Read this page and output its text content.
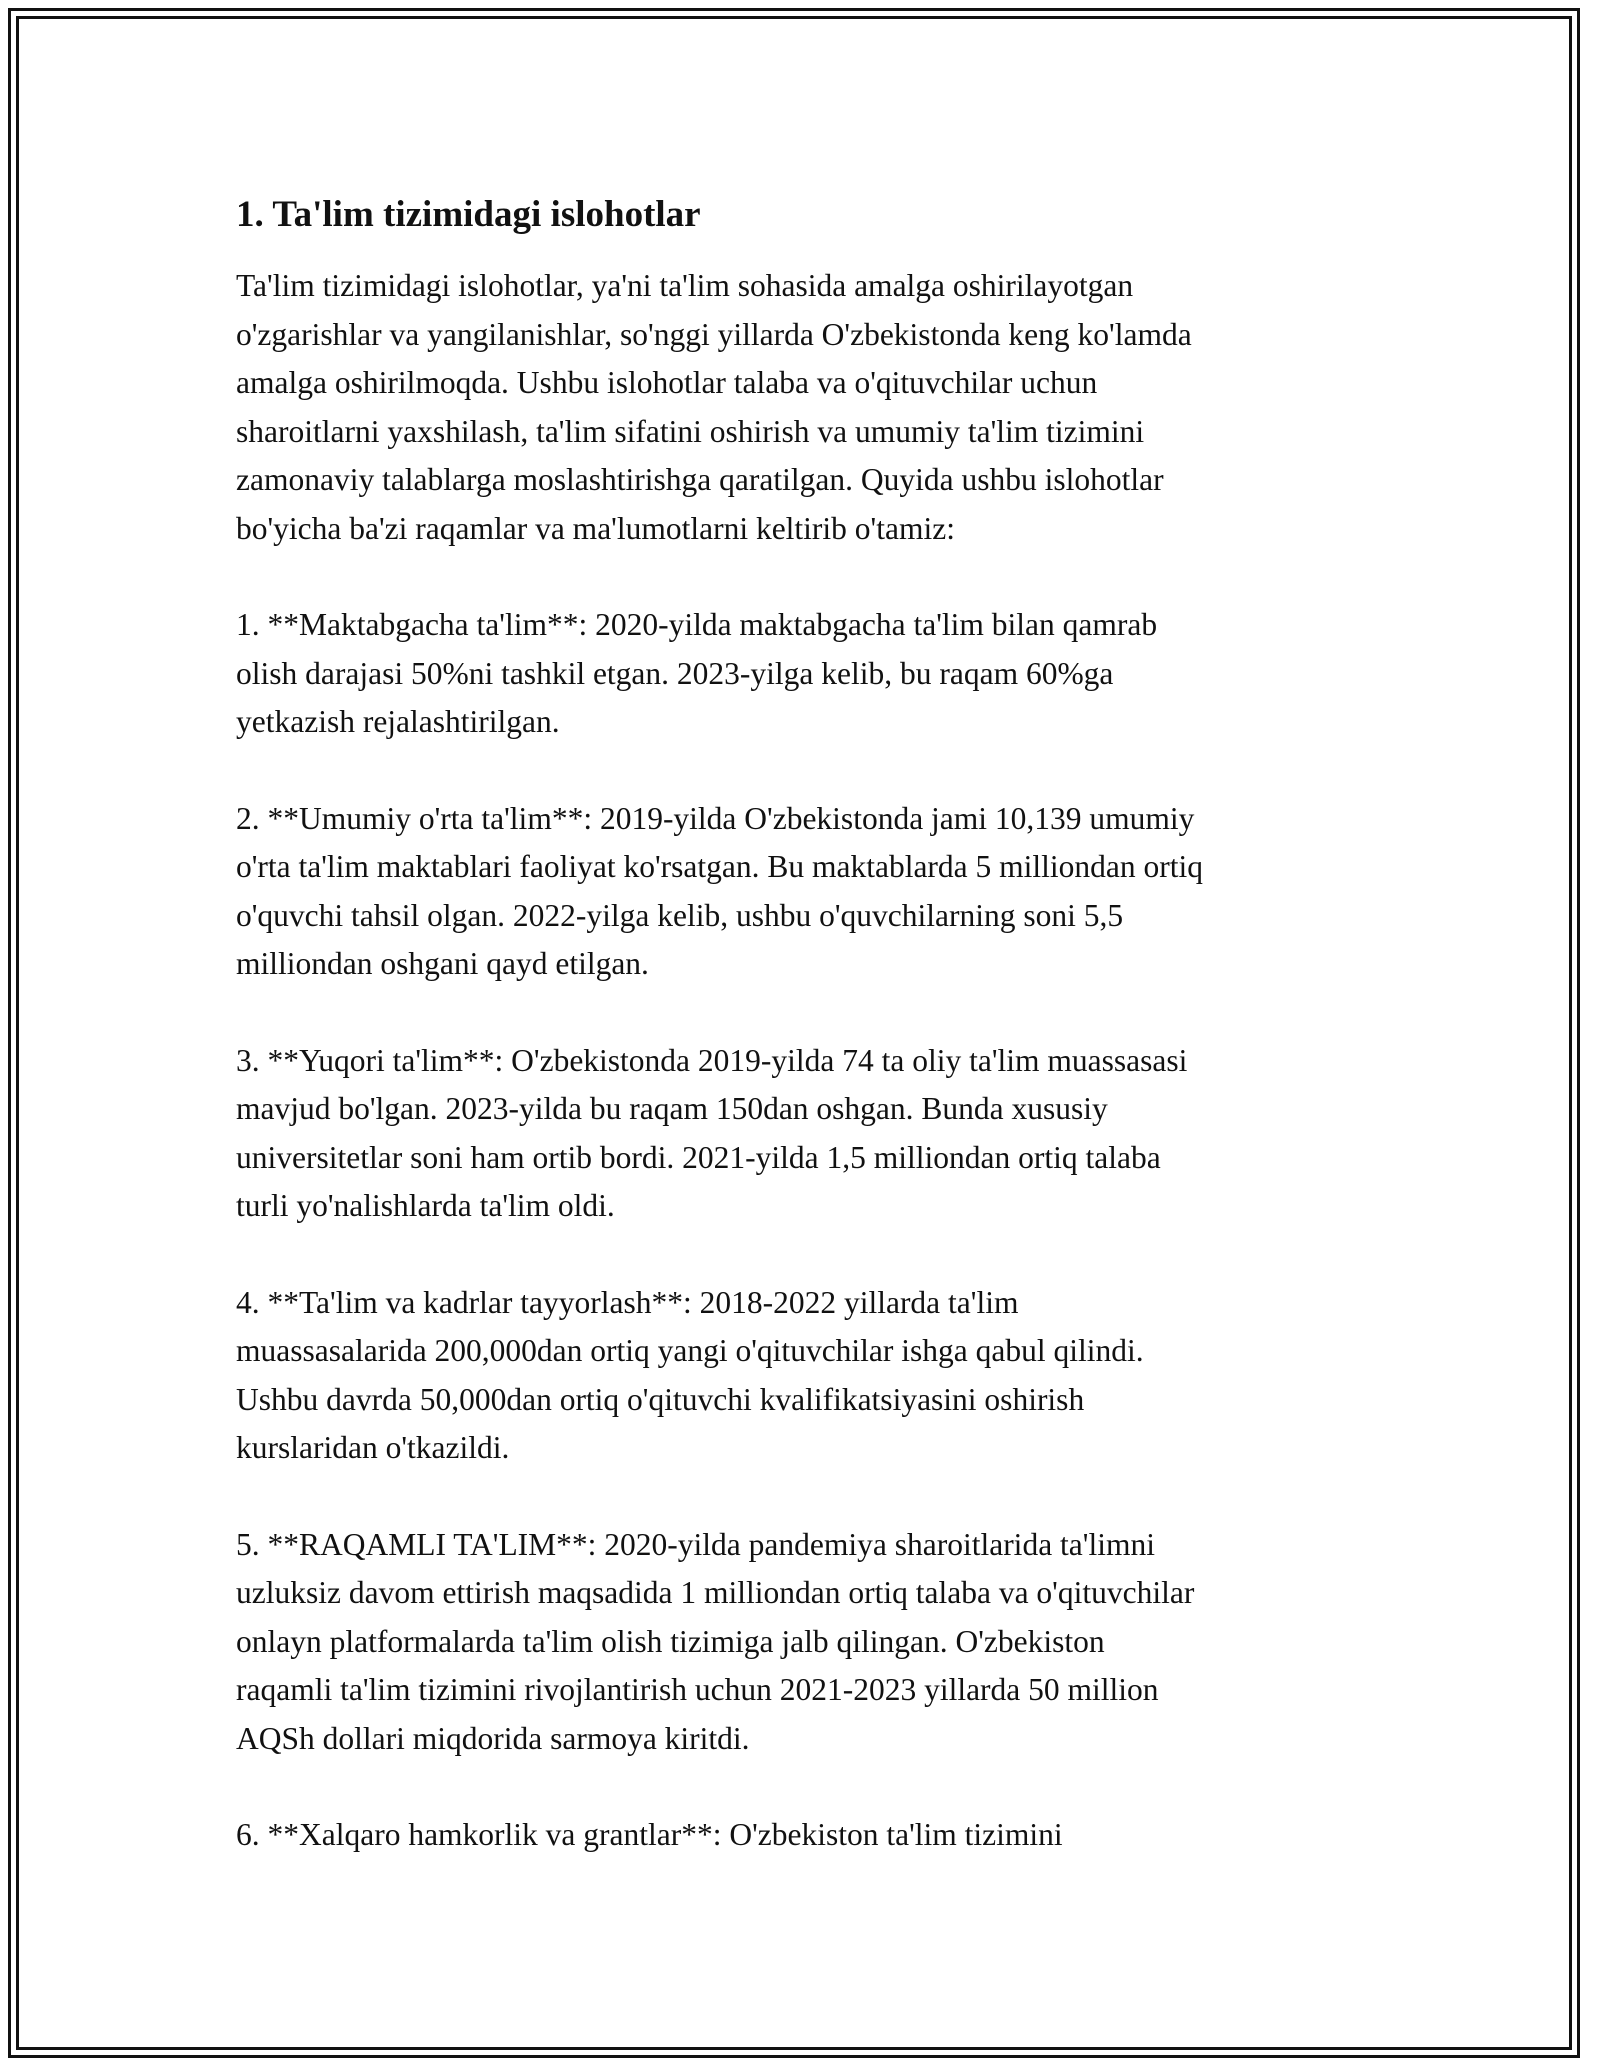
1. Ta'lim tizimidagi islohotlar

Ta'lim tizimidagi islohotlar, ya'ni ta'lim sohasida amalga oshirilayotgan
o'zgarishlar va yangilanishlar, so'nggi yillarda O'zbekistonda keng ko'lamda
amalga oshirilmoqda. Ushbu islohotlar talaba va o'qituvchilar uchun
sharoitlarni yaxshilash, ta'lim sifatini oshirish va umumiy ta'lim tizimini
zamonaviy talablarga moslashtirishga qaratilgan. Quyida ushbu islohotlar
bo'yicha ba'zi raqamlar va ma'lumotlarni keltirib o'tamiz:

1. **Maktabgacha ta'lim**: 2020-yilda maktabgacha ta'lim bilan qamrab
olish darajasi 50%ni tashkil etgan. 2023-yilga kelib, bu raqam 60%ga
yetkazish rejalashtirilgan.

2. **Umumiy o'rta ta'lim**: 2019-yilda O'zbekistonda jami 10,139 umumiy
o'rta ta'lim maktablari faoliyat ko'rsatgan. Bu maktablarda 5 milliondan ortiq
o'quvchi tahsil olgan. 2022-yilga kelib, ushbu o'quvchilarning soni 5,5
milliondan oshgani qayd etilgan.

3. **Yuqori ta'lim**: O'zbekistonda 2019-yilda 74 ta oliy ta'lim muassasasi
mavjud bo'lgan. 2023-yilda bu raqam 150dan oshgan. Bunda xususiy
universitetlar soni ham ortib bordi. 2021-yilda 1,5 milliondan ortiq talaba
turli yo'nalishlarda ta'lim oldi.

4. **Ta'lim va kadrlar tayyorlash**: 2018-2022 yillarda ta'lim
muassasalarida 200,000dan ortiq yangi o'qituvchilar ishga qabul qilindi.
Ushbu davrda 50,000dan ortiq o'qituvchi kvalifikatsiyasini oshirish
kurslaridan o'tkazildi.

5. **RAQAMLI TA'LIM**: 2020-yilda pandemiya sharoitlarida ta'limni
uzluksiz davom ettirish maqsadida 1 milliondan ortiq talaba va o'qituvchilar
onlayn platformalarda ta'lim olish tizimiga jalb qilingan. O'zbekiston
raqamli ta'lim tizimini rivojlantirish uchun 2021-2023 yillarda 50 million
AQSh dollari miqdorida sarmoya kiritdi.

6. **Xalqaro hamkorlik va grantlar**: O'zbekiston ta'lim tizimini
